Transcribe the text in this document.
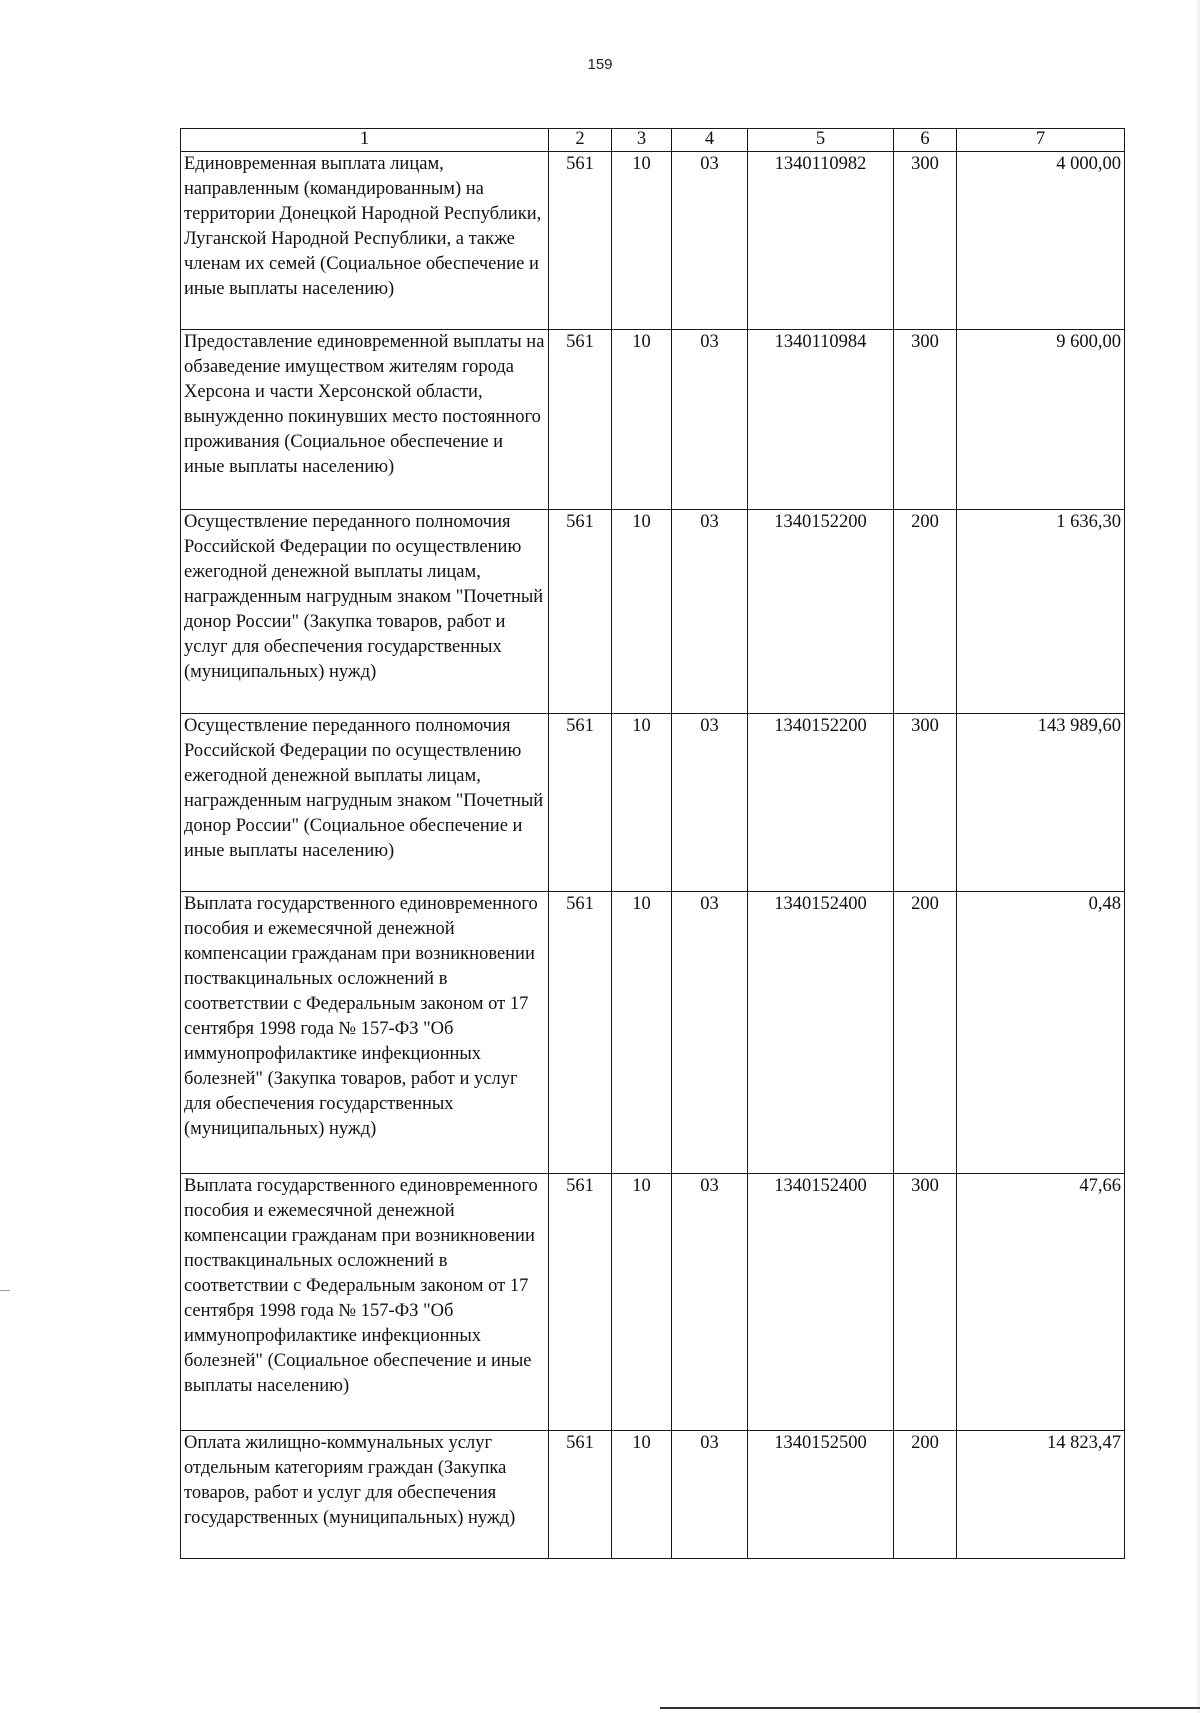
159
1	2	3	4	5	6	7
Единовременная выплата лицам, направленным (командированным) на территории Донецкой Народной Республики, Луганской Народной Республики, а также членам их семей (Социальное обеспечение и иные выплаты населению)	561	10	03	1340110982	300	4 000,00
Предоставление единовременной выплаты на обзаведение имуществом жителям города Херсона и части Херсонской области, вынужденно покинувших место постоянного проживания (Социальное обеспечение и иные выплаты населению)	561	10	03	1340110984	300	9 600,00
Осуществление переданного полномочия Российской Федерации по осуществлению ежегодной денежной выплаты лицам, награжденным нагрудным знаком "Почетный донор России" (Закупка товаров, работ и услуг для обеспечения государственных (муниципальных) нужд)	561	10	03	1340152200	200	1 636,30
Осуществление переданного полномочия Российской Федерации по осуществлению ежегодной денежной выплаты лицам, награжденным нагрудным знаком "Почетный донор России" (Социальное обеспечение и иные выплаты населению)	561	10	03	1340152200	300	143 989,60
Выплата государственного единовременного пособия и ежемесячной денежной компенсации гражданам при возникновении поствакцинальных осложнений в соответствии с Федеральным законом от 17 сентября 1998 года № 157-ФЗ "Об иммунопрофилактике инфекционных болезней" (Закупка товаров, работ и услуг для обеспечения государственных (муниципальных) нужд)	561	10	03	1340152400	200	0,48
Выплата государственного единовременного пособия и ежемесячной денежной компенсации гражданам при возникновении поствакцинальных осложнений в соответствии с Федеральным законом от 17 сентября 1998 года № 157-ФЗ "Об иммунопрофилактике инфекционных болезней" (Социальное обеспечение и иные выплаты населению)	561	10	03	1340152400	300	47,66
Оплата жилищно-коммунальных услуг отдельным категориям граждан (Закупка товаров, работ и услуг для обеспечения государственных (муниципальных) нужд)	561	10	03	1340152500	200	14 823,47
